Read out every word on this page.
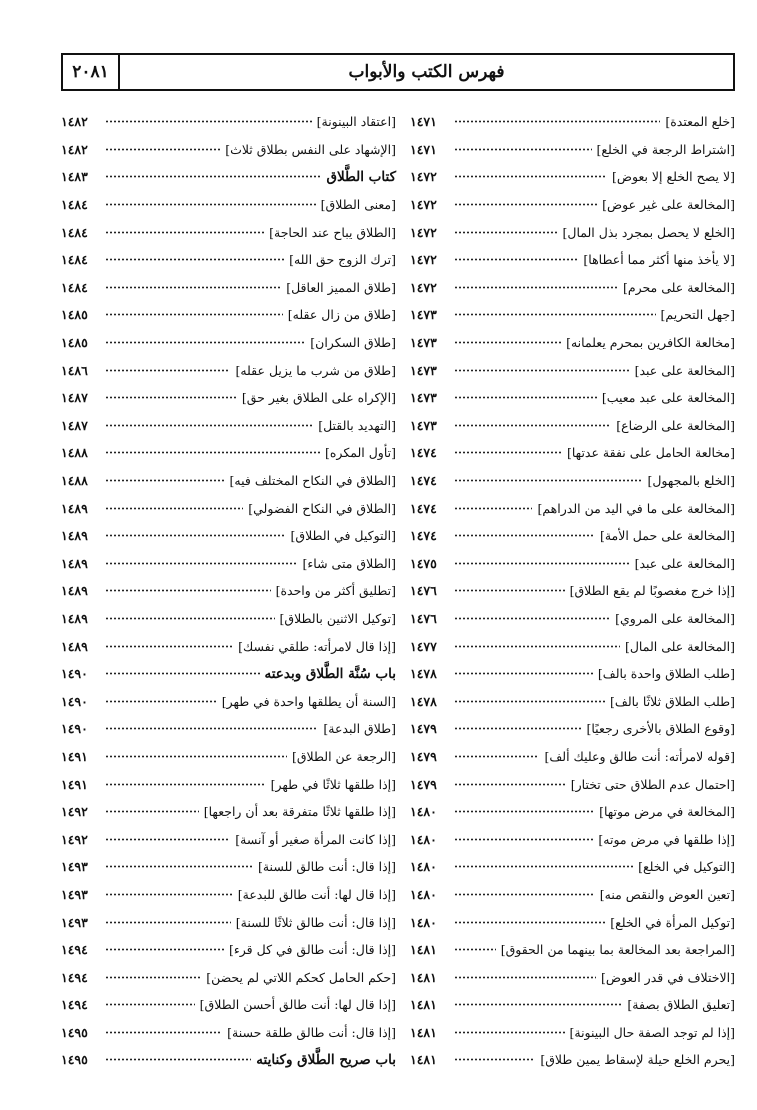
فهرس الكتب والأبواب
٢٠٨١
[خلع المعتدة]
١٤٧١
[اشتراط الرجعة في الخلع]
١٤٧١
[لا يصح الخلع إلا بعوض]
١٤٧٢
[المخالعة على غير عوض]
١٤٧٢
[الخلع لا يحصل بمجرد بذل المال]
١٤٧٢
[لا يأخذ منها أكثر مما أعطاها]
١٤٧٢
[المخالعة على محرم]
١٤٧٢
[جهل التحريم]
١٤٧٣
[مخالعة الكافرين بمحرم يعلمانه]
١٤٧٣
[المخالعة على عبد]
١٤٧٣
[المخالعة على عبد معيب]
١٤٧٣
[المخالعة على الرضاع]
١٤٧٣
[مخالعة الحامل على نفقة عدتها]
١٤٧٤
[الخلع بالمجهول]
١٤٧٤
[المخالعة على ما في اليد من الدراهم]
١٤٧٤
[المخالعة على حمل الأمة]
١٤٧٤
[المخالعة على عبد]
١٤٧٥
[إذا خرج مغصوبًا لم يقع الطلاق]
١٤٧٦
[المخالعة على المروي]
١٤٧٦
[المخالعة على المال]
١٤٧٧
[طلب الطلاق واحدة بالف]
١٤٧٨
[طلب الطلاق ثلاثًا بالف]
١٤٧٨
[وقوع الطلاق بالأخرى رجعيًا]
١٤٧٩
[قوله لامرأته: أنت طالق وعليك ألف]
١٤٧٩
[احتمال عدم الطلاق حتى تختار]
١٤٧٩
[المخالعة في مرض موتها]
١٤٨٠
[إذا طلقها في مرض موته]
١٤٨٠
[التوكيل في الخلع]
١٤٨٠
[تعين العوض والنقص منه]
١٤٨٠
[توكيل المرأة في الخلع]
١٤٨٠
[المراجعة بعد المخالعة بما بينهما من الحقوق]
١٤٨١
[الاختلاف في قدر العوض]
١٤٨١
[تعليق الطلاق بصفة]
١٤٨١
[إذا لم توجد الصفة حال البينونة]
١٤٨١
[يحرم الخلع حيلة لإسقاط يمين طلاق]
١٤٨١
[اعتقاد البينونة]
١٤٨٢
[الإشهاد على النفس بطلاق ثلاث]
١٤٨٢
كتاب الطَّلاق
١٤٨٣
[معنى الطلاق]
١٤٨٤
[الطلاق يباح عند الحاجة]
١٤٨٤
[ترك الزوج حق الله]
١٤٨٤
[طلاق المميز العاقل]
١٤٨٤
[طلاق من زال عقله]
١٤٨٥
[طلاق السكران]
١٤٨٥
[طلاق من شرب ما يزيل عقله]
١٤٨٦
[الإكراه على الطلاق بغير حق]
١٤٨٧
[التهديد بالقتل]
١٤٨٧
[تأول المكره]
١٤٨٨
[الطلاق في النكاح المختلف فيه]
١٤٨٨
[الطلاق في النكاح الفضولي]
١٤٨٩
[التوكيل في الطلاق]
١٤٨٩
[الطلاق متى شاء]
١٤٨٩
[تطليق أكثر من واحدة]
١٤٨٩
[توكيل الاثنين بالطلاق]
١٤٨٩
[إذا قال لامرأته: طلقي نفسك]
١٤٨٩
باب سُنَّة الطَّلاق وبدعته
١٤٩٠
[السنة أن يطلقها واحدة في طهر]
١٤٩٠
[طلاق البدعة]
١٤٩٠
[الرجعة عن الطلاق]
١٤٩١
[إذا طلقها ثلاثًا في طهر]
١٤٩١
[إذا طلقها ثلاثًا متفرقة بعد أن راجعها]
١٤٩٢
[إذا كانت المرأة صغير أو آنسة]
١٤٩٢
[إذا قال: أنت طالق للسنة]
١٤٩٣
[إذا قال لها: أنت طالق للبدعة]
١٤٩٣
[إذا قال: أنت طالق ثلاثًا للسنة]
١٤٩٣
[إذا قال: أنت طالق في كل قرء]
١٤٩٤
[حكم الحامل كحكم اللاتي لم يحضن]
١٤٩٤
[إذا قال لها: أنت طالق أحسن الطلاق]
١٤٩٤
[إذا قال: أنت طالق طلقة حسنة]
١٤٩٥
باب صريح الطَّلاق وكنايته
١٤٩٥
